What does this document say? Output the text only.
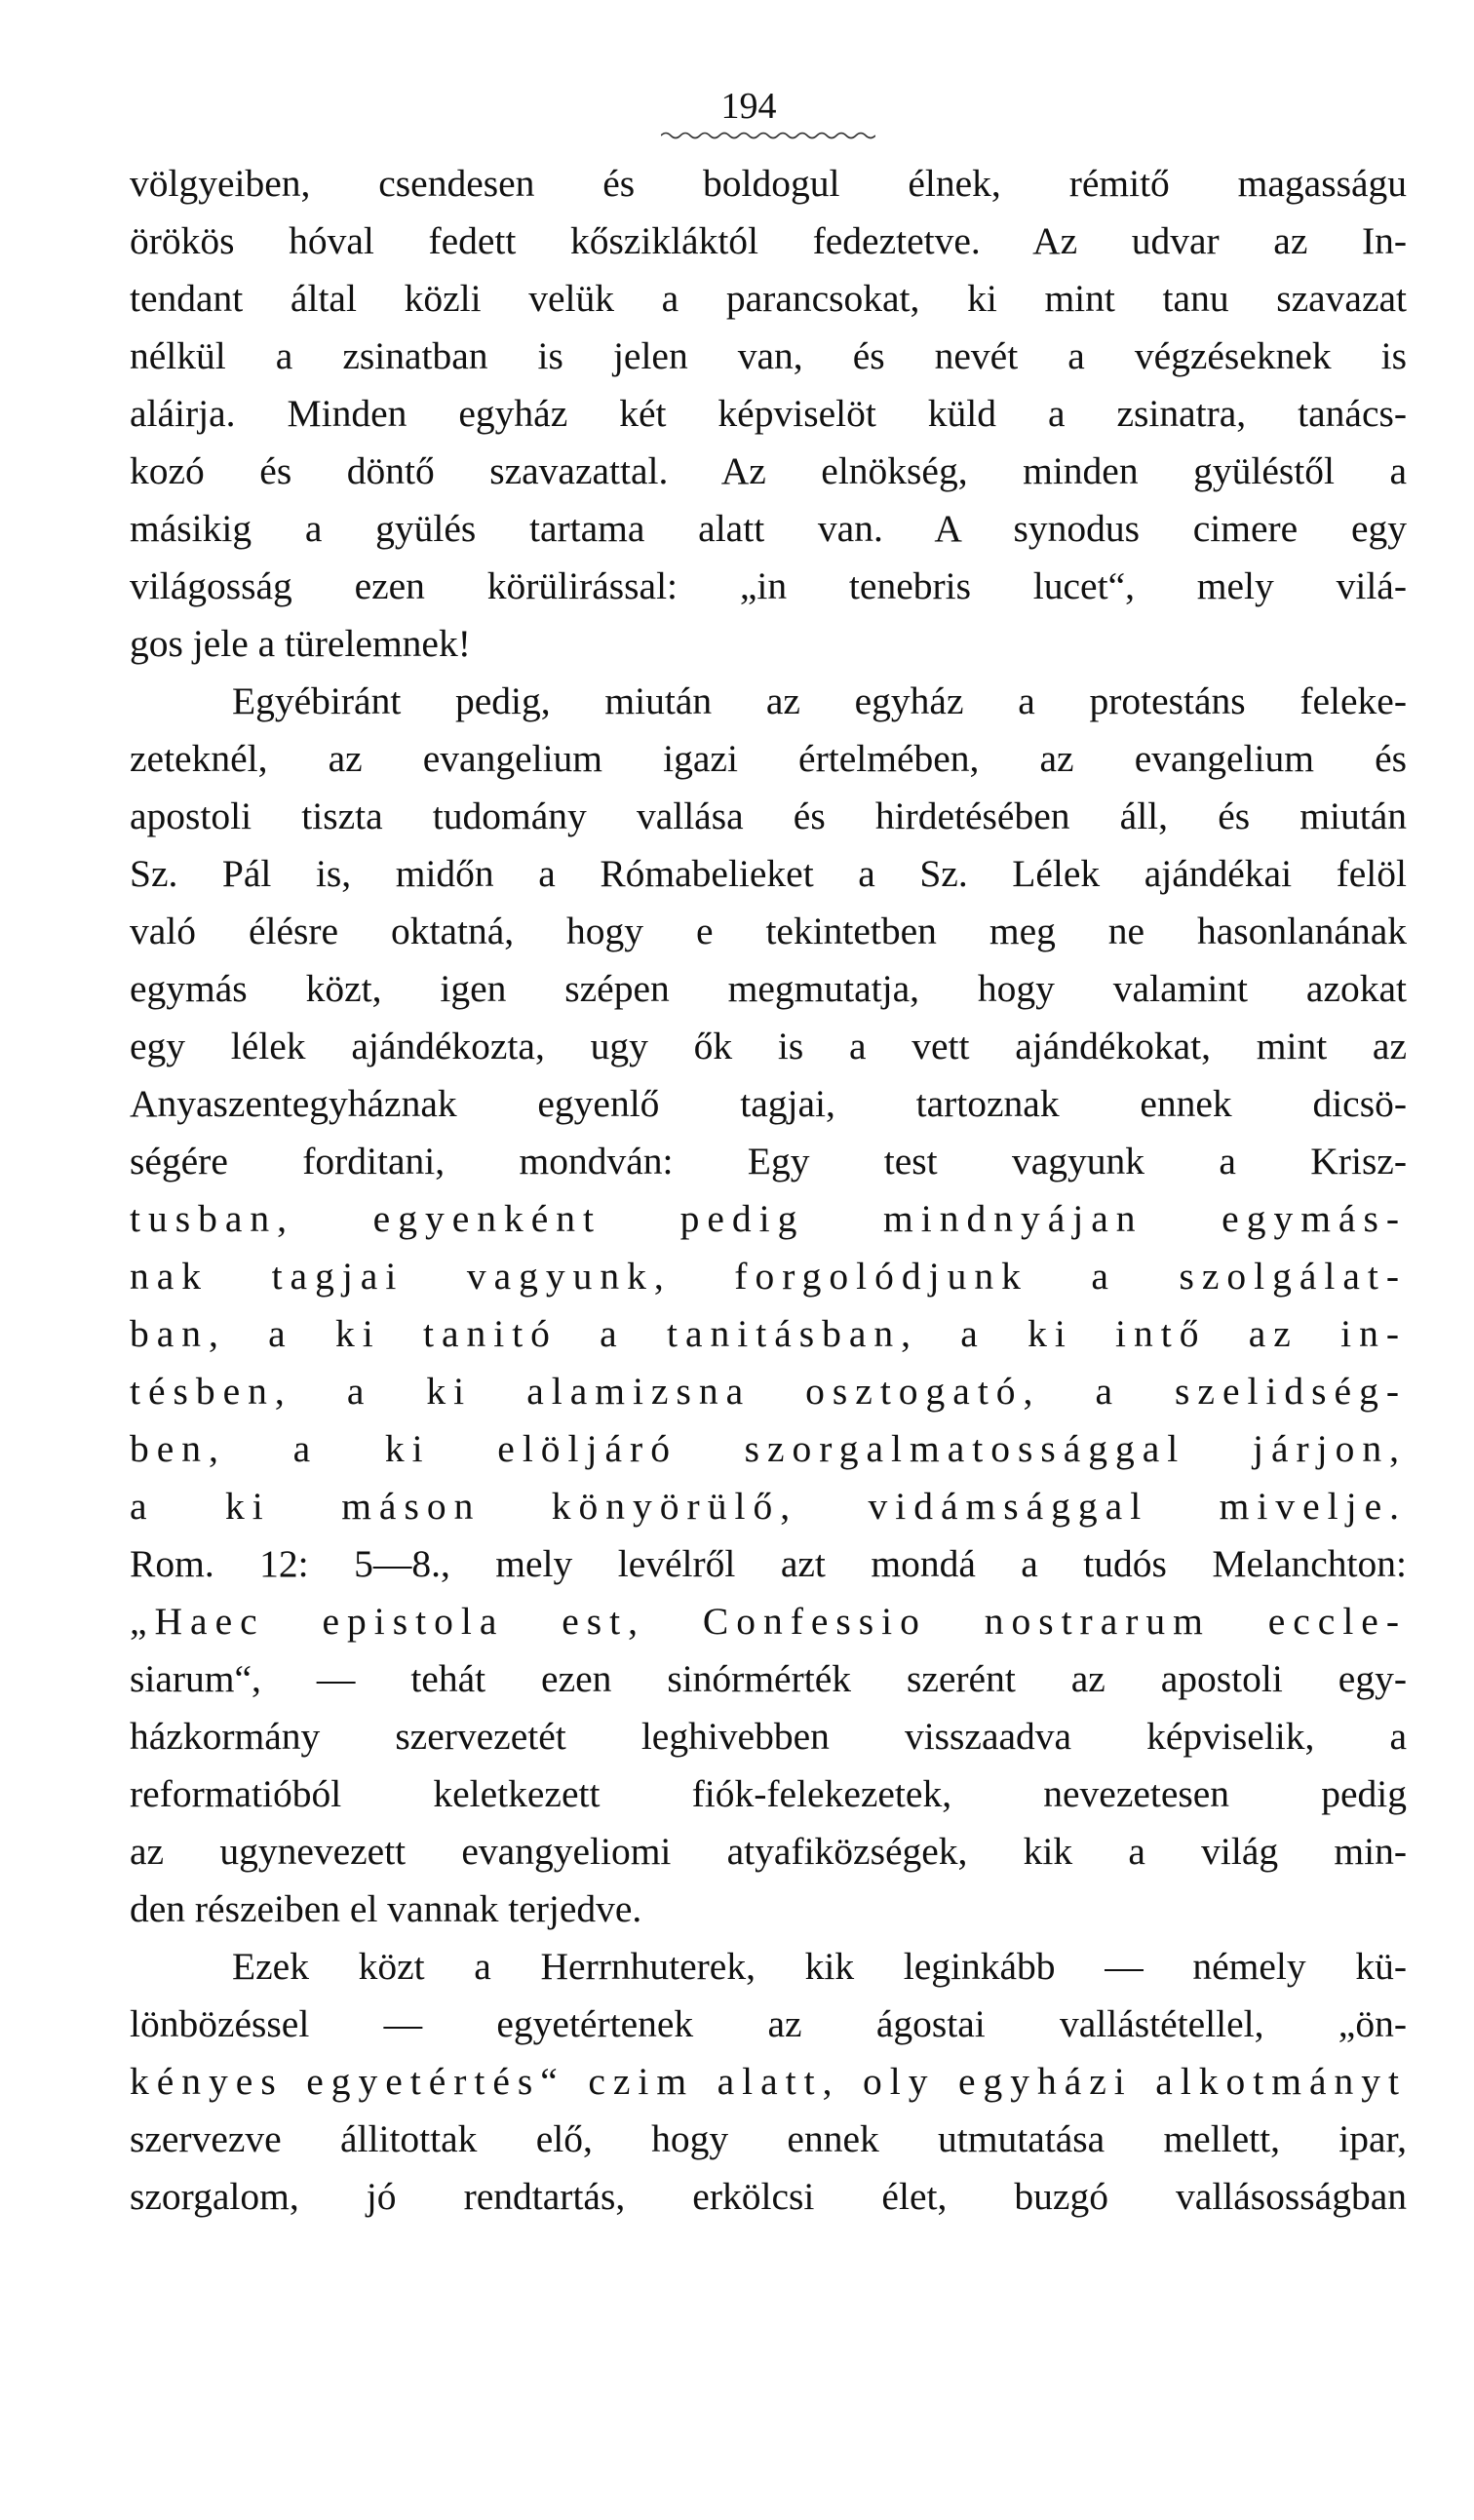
194
völgyeiben, csendesen és boldogul élnek, rémitő magasságu
örökös hóval fedett kőszikláktól fedeztetve. Az udvar az In-
tendant által közli velük a parancsokat, ki mint tanu szavazat
nélkül a zsinatban is jelen van, és nevét a végzéseknek is
aláirja. Minden egyház két képviselöt küld a zsinatra, tanács-
kozó és döntő szavazattal. Az elnökség, minden gyüléstől a
másikig a gyülés tartama alatt van. A synodus cimere egy
világosság ezen körülirással: „in tenebris lucet“, mely vilá-
gos jele a türelemnek!
Egyébiránt pedig, miután az egyház a protestáns feleke-
zeteknél, az evangelium igazi értelmében, az evangelium és
apostoli tiszta tudomány vallása és hirdetésében áll, és miután
Sz. Pál is, midőn a Rómabelieket a Sz. Lélek ajándékai felöl
való élésre oktatná, hogy e tekintetben meg ne hasonlanának
egymás közt, igen szépen megmutatja, hogy valamint azokat
egy lélek ajándékozta, ugy ők is a vett ajándékokat, mint az
Anyaszentegyháznak egyenlő tagjai, tartoznak ennek dicsö-
ségére forditani, mondván: Egy test vagyunk a Krisz-
tusban, egyenként pedig mindnyájan egymás-
nak tagjai vagyunk, forgolódjunk a szolgálat-
ban, a ki tanitó a tanitásban, a ki intő az in-
tésben, a ki alamizsna osztogató, a szelidség-
ben, a ki elöljáró szorgalmatossággal járjon,
a ki máson könyörülő, vidámsággal mivelje.
Rom. 12: 5—8., mely levélről azt mondá a tudós Melanchton:
„Haec epistola est, Confessio nostrarum eccle-
siarum“, — tehát ezen sinórmérték szerént az apostoli egy-
házkormány szervezetét leghivebben visszaadva képviselik, a
reformatióból keletkezett fiók-felekezetek, nevezetesen pedig
az ugynevezett evangyeliomi atyafiközségek, kik a világ min-
den részeiben el vannak terjedve.
Ezek közt a Herrnhuterek, kik leginkább — némely kü-
lönbözéssel — egyetértenek az ágostai vallástétellel, „ön-
kényes egyetértés“ czim alatt, oly egyházi alkotmányt
szervezve állitottak elő, hogy ennek utmutatása mellett, ipar,
szorgalom, jó rendtartás, erkölcsi élet, buzgó vallásosságban
